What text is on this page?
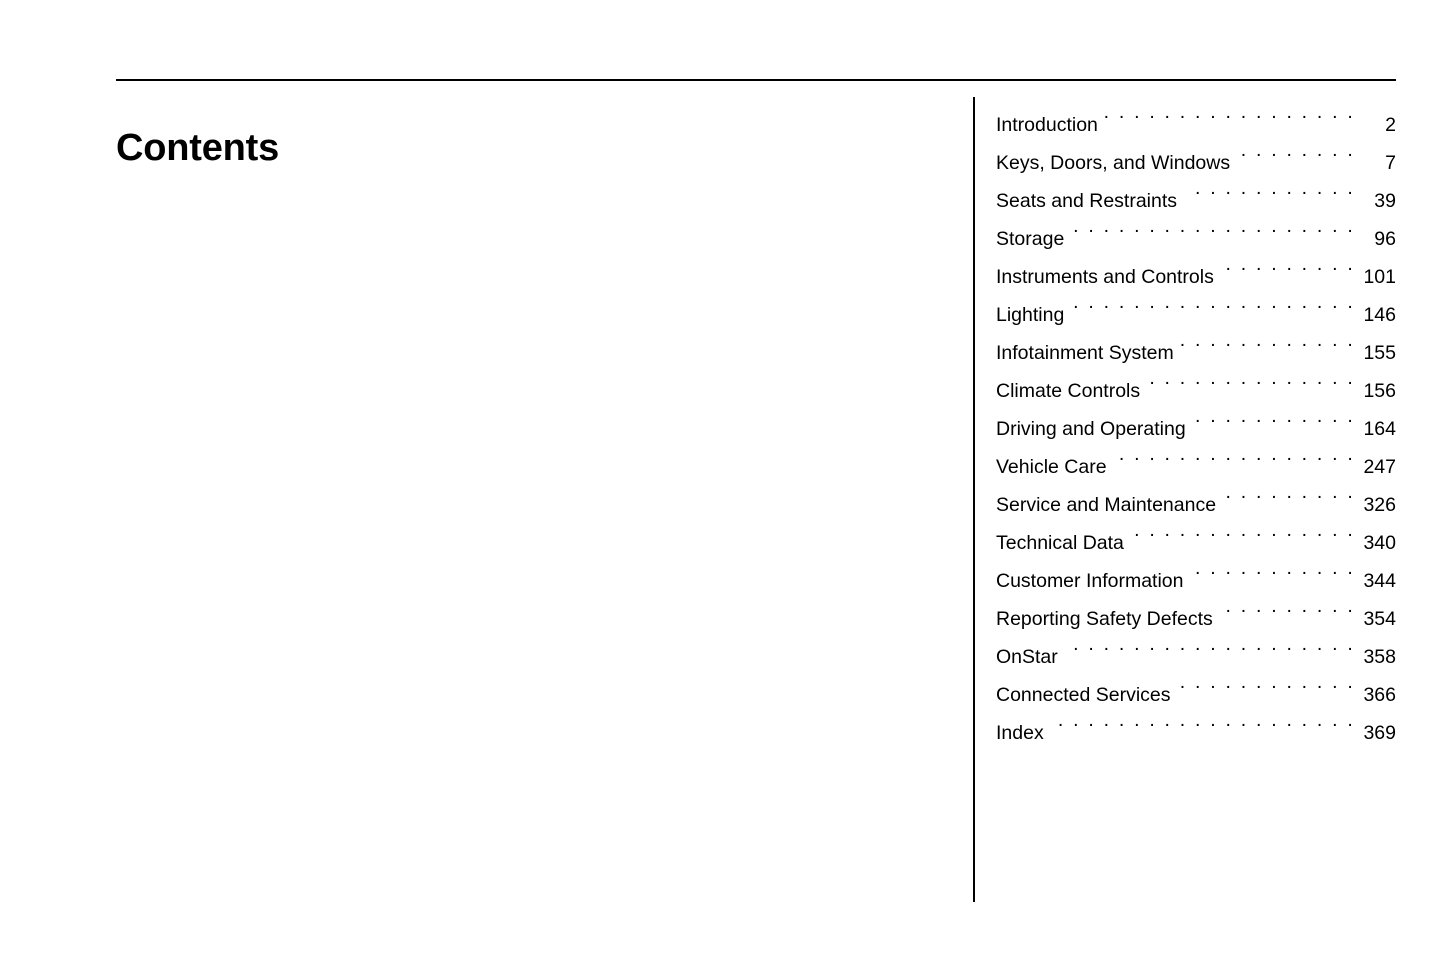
Contents
Introduction . . .	2
Keys, Doors, and Windows . . .	7
Seats and Restraints . . .	39
Storage . . .	96
Instruments and Controls . . .	101
Lighting . . .	146
Infotainment System . . .	155
Climate Controls . . .	156
Driving and Operating . . .	164
Vehicle Care . . .	247
Service and Maintenance . . .	326
Technical Data . . .	340
Customer Information . . .	344
Reporting Safety Defects . . .	354
OnStar . . .	358
Connected Services . . .	366
Index . . .	369
